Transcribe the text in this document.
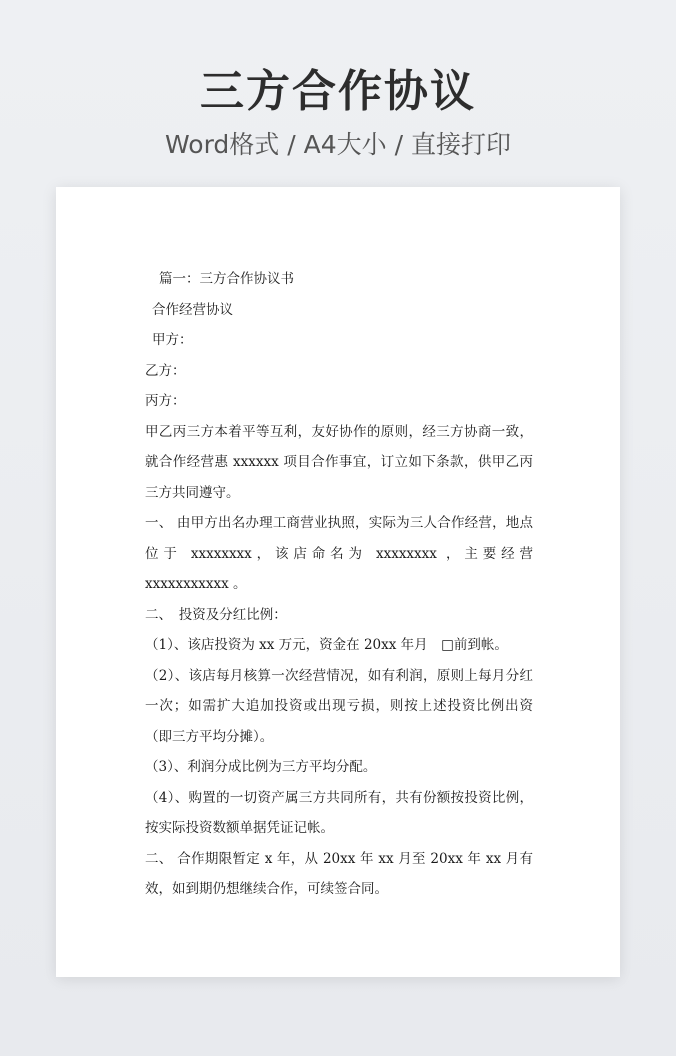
三方合作协议
Word格式 / A4大小 / 直接打印

篇一：三方合作协议书

合作经营协议

甲方：

乙方：

丙方：

甲乙丙三方本着平等互利，友好协作的原则，经三方协商一致，就合作经营惠 xxxxxx 项目合作事宜，订立如下条款，供甲乙丙三方共同遵守。

一、 由甲方出名办理工商营业执照，实际为三人合作经营，地点位于 xxxxxxxx，该店命名为 xxxxxxxx ，主要经营 xxxxxxxxxxx 。

二、　投资及分红比例：

（1）、该店投资为 xx 万元，资金在 20xx 年月　□前到帐。

（2）、该店每月核算一次经营情况，如有利润，原则上每月分红一次；如需扩大追加投资或出现亏损，则按上述投资比例出资（即三方平均分摊）。

（3）、利润分成比例为三方平均分配。

（4）、购置的一切资产属三方共同所有，共有份额按投资比例，按实际投资数额单据凭证记帐。

二、 合作期限暂定 x 年，从 20xx 年 xx 月至 20xx 年 xx 月有效，如到期仍想继续合作，可续签合同。
